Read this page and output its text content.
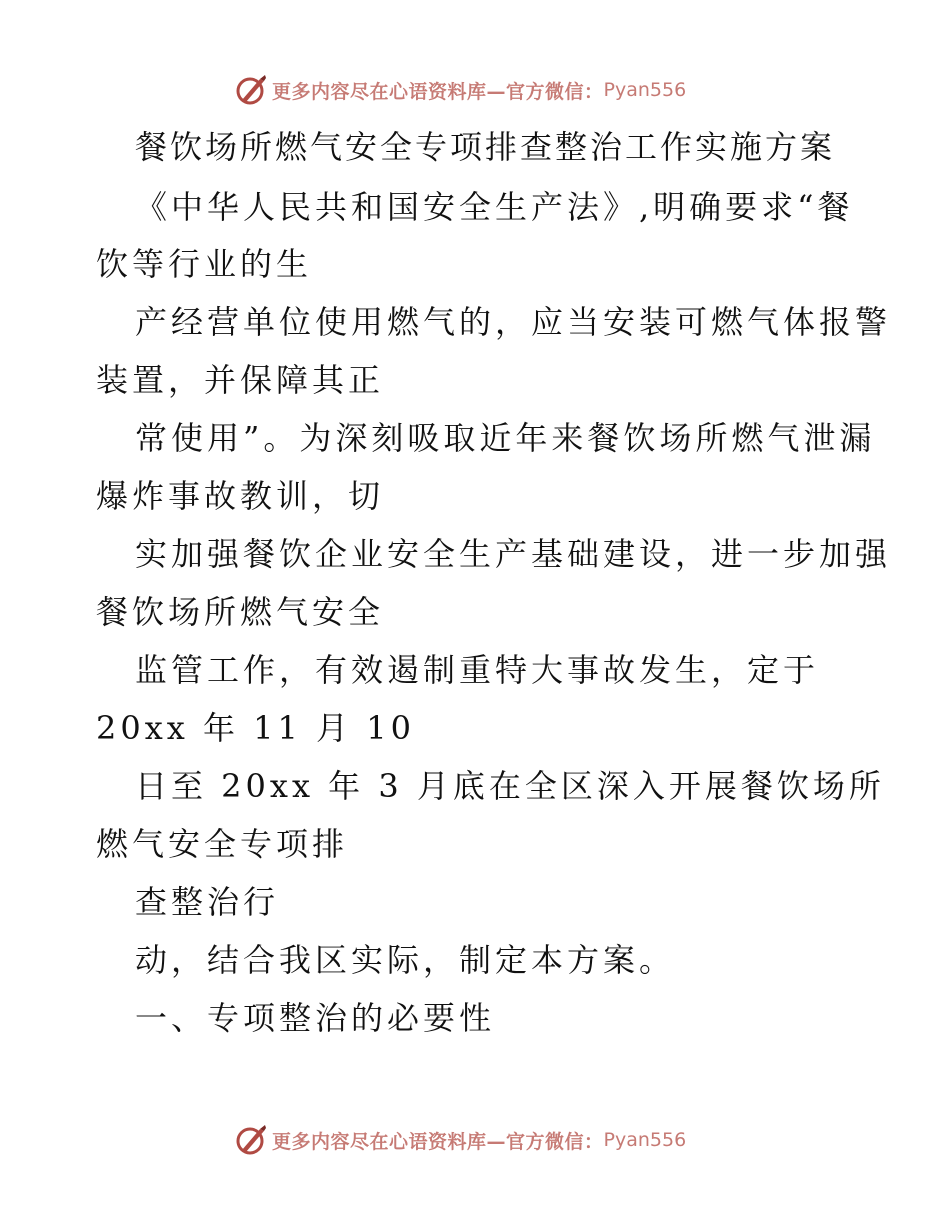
更多内容尽在心语资料库—官方微信： Pyan556

餐饮场所燃气安全专项排查整治工作实施方案

《中华人民共和国安全生产法》,明确要求“餐

饮等行业的生

产经营单位使用燃气的，应当安装可燃气体报警

装置，并保障其正

常使用”。为深刻吸取近年来餐饮场所燃气泄漏

爆炸事故教训，切

实加强餐饮企业安全生产基础建设，进一步加强

餐饮场所燃气安全

监管工作，有效遏制重特大事故发生，定于

20xx 年 11 月 10

日至 20xx 年 3 月底在全区深入开展餐饮场所

燃气安全专项排

查整治行

动，结合我区实际，制定本方案。

一、专项整治的必要性

更多内容尽在心语资料库—官方微信： Pyan556
